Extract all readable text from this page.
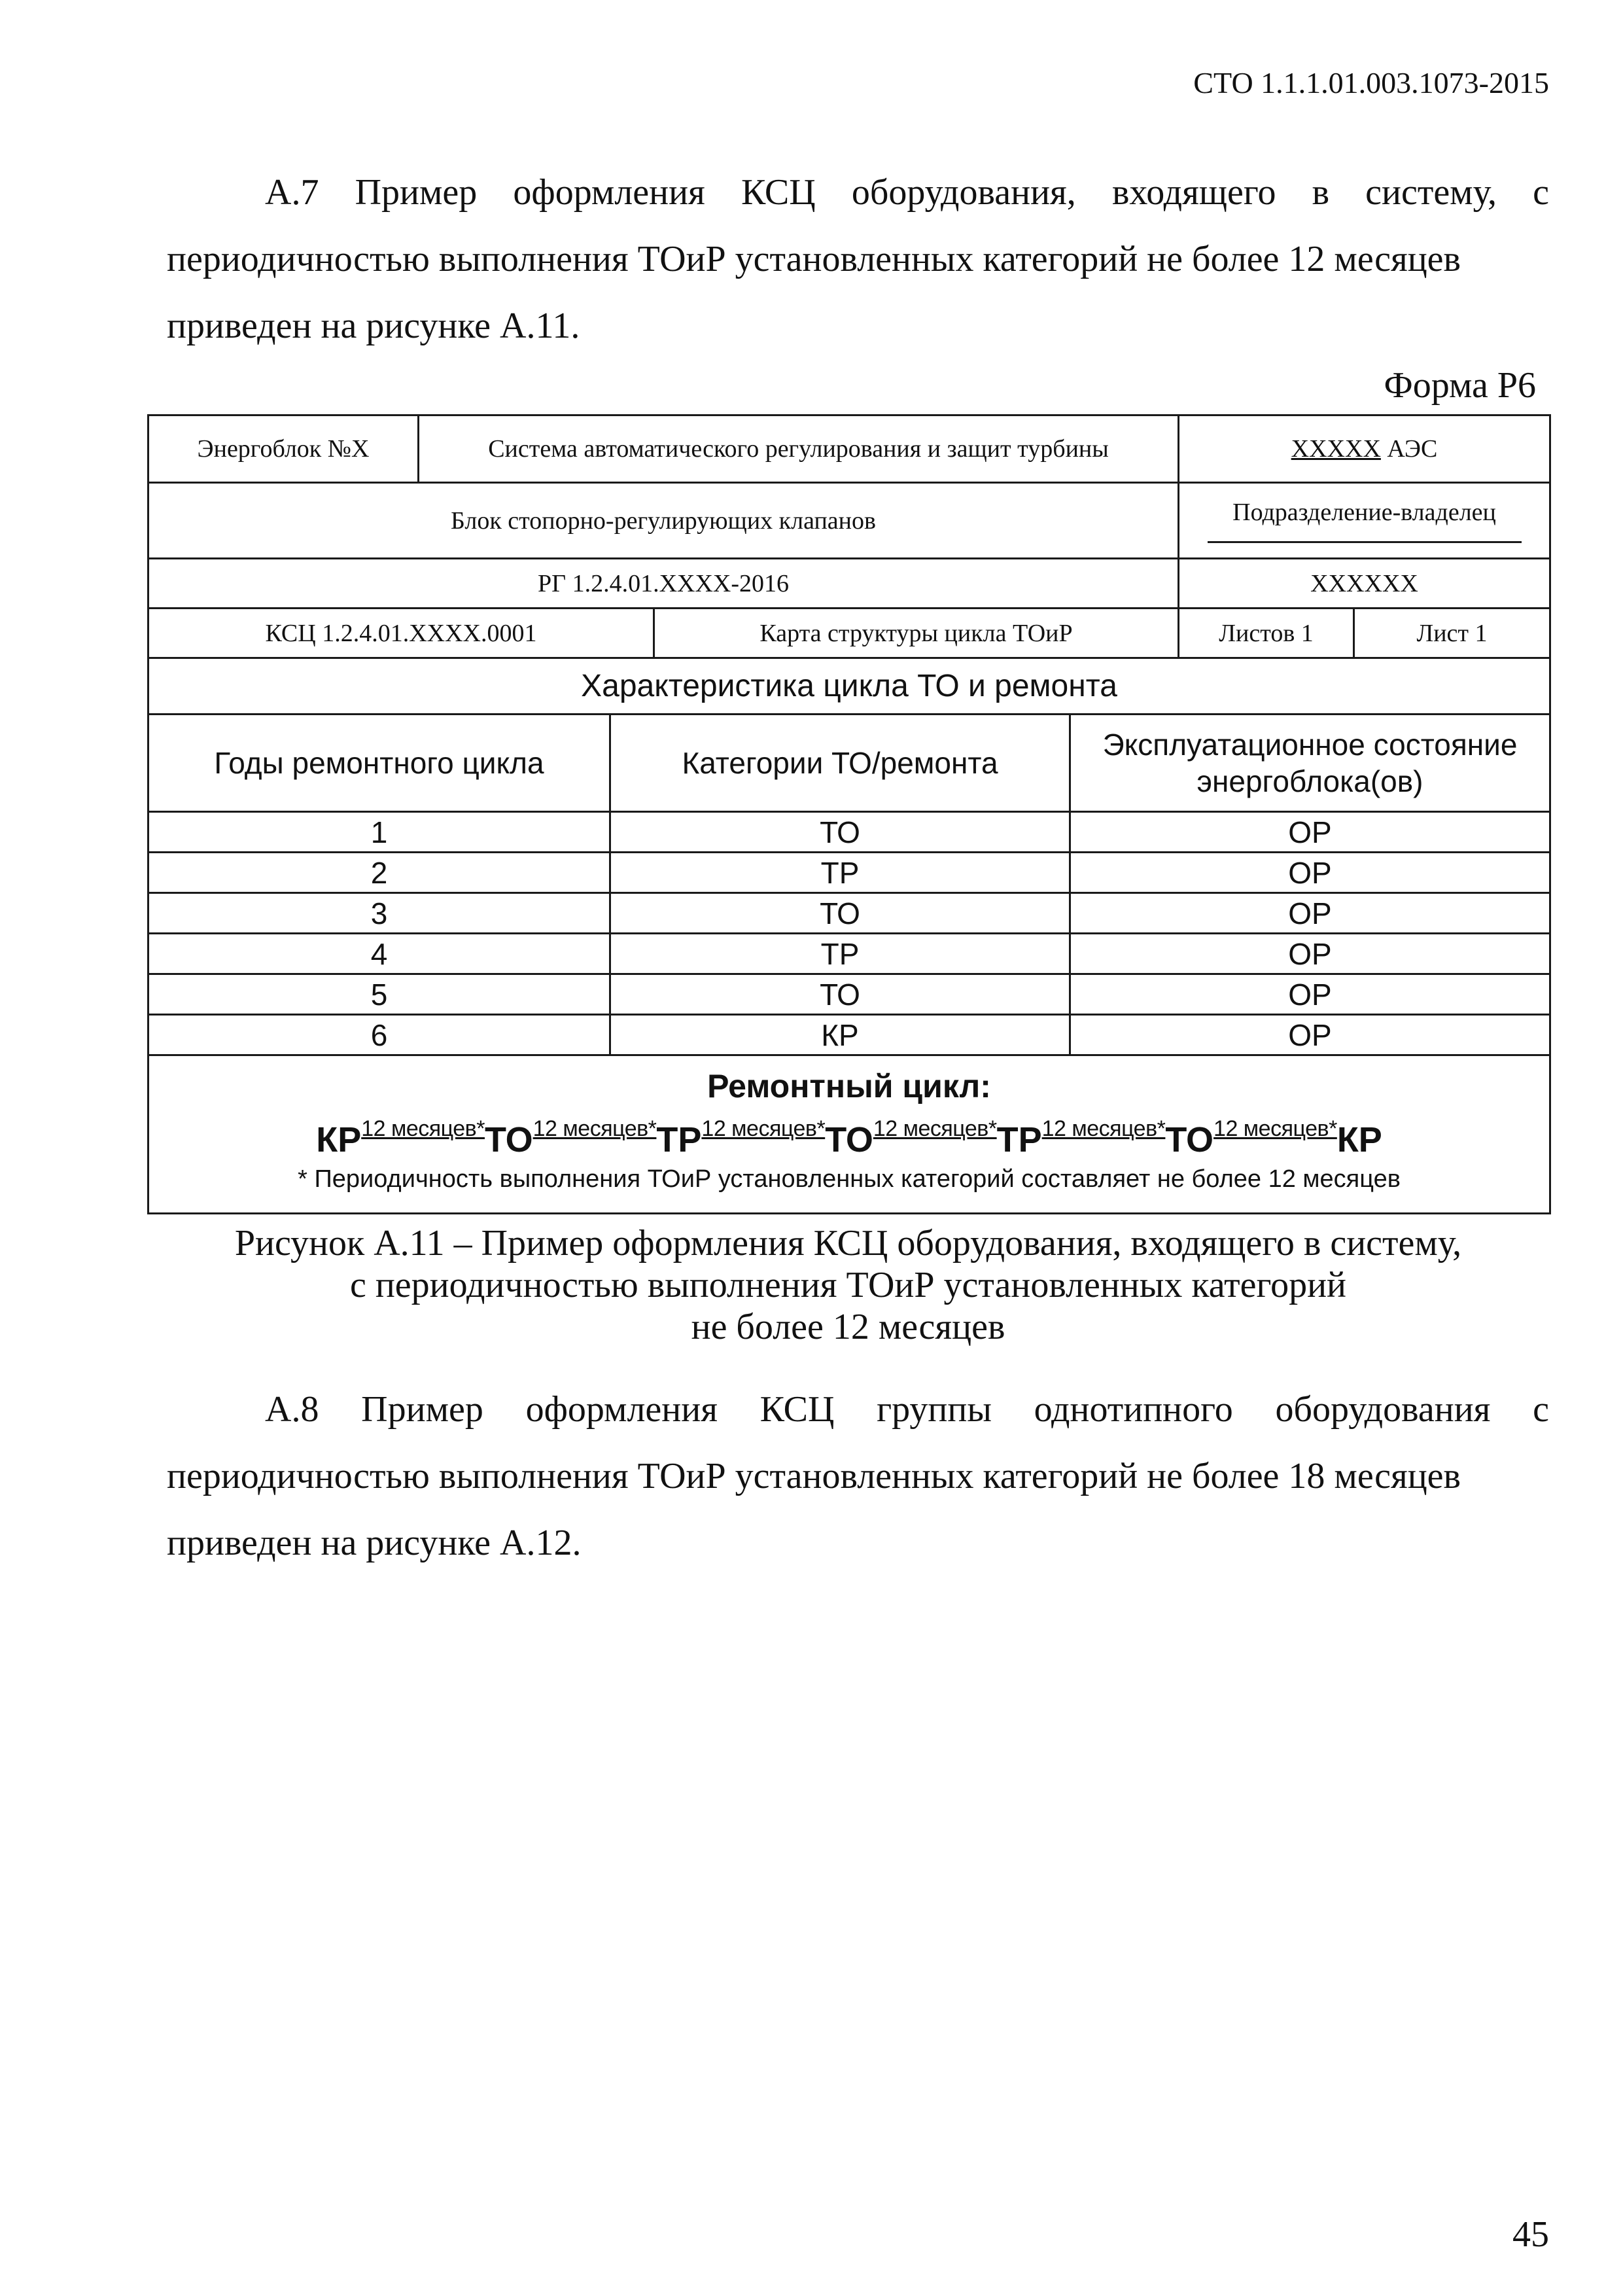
СТО 1.1.1.01.003.1073-2015

А.7 Пример оформления КСЦ оборудования, входящего в систему, с
периодичностью выполнения ТОиР установленных категорий не более 12 месяцев
приведен на рисунке А.11.

Форма Р6
Энергоблок №Х	Система автоматического регулирования и защит турбины	ХХХХХ АЭС
Блок стопорно-регулирующих клапанов		Подразделение-владелец

РГ 1.2.4.01.ХХХХ-2016		ХХХХХХ
КСЦ 1.2.4.01.ХХХХ.0001	Карта структуры цикла ТОиР	Листов 1	Лист 1
Характеристика цикла ТО и ремонта		
Годы ремонтного цикла	Категории ТО/ремонта	Эксплуатационное состояние энергоблока(ов)
1	ТО	ОР
2	ТР	ОР
3	ТО	ОР
4	ТР	ОР
5	ТО	ОР
6	КР	ОР

Ремонтный цикл:
$КР^{12 месяцев*}ТО^{12 месяцев*}ТР^{12 месяцев*}ТО^{12 месяцев*}ТР^{12 месяцев*}ТО^{12 месяцев*}КР$
* Периодичность выполнения ТОиР установленных категорий составляет не более 12 месяцев		
Рисунок А.11 – Пример оформления КСЦ оборудования, входящего в систему,
с периодичностью выполнения ТОиР установленных категорий
не более 12 месяцев

А.8 Пример оформления КСЦ группы однотипного оборудования с
периодичностью выполнения ТОиР установленных категорий не более 18 месяцев
приведен на рисунке А.12.

45
